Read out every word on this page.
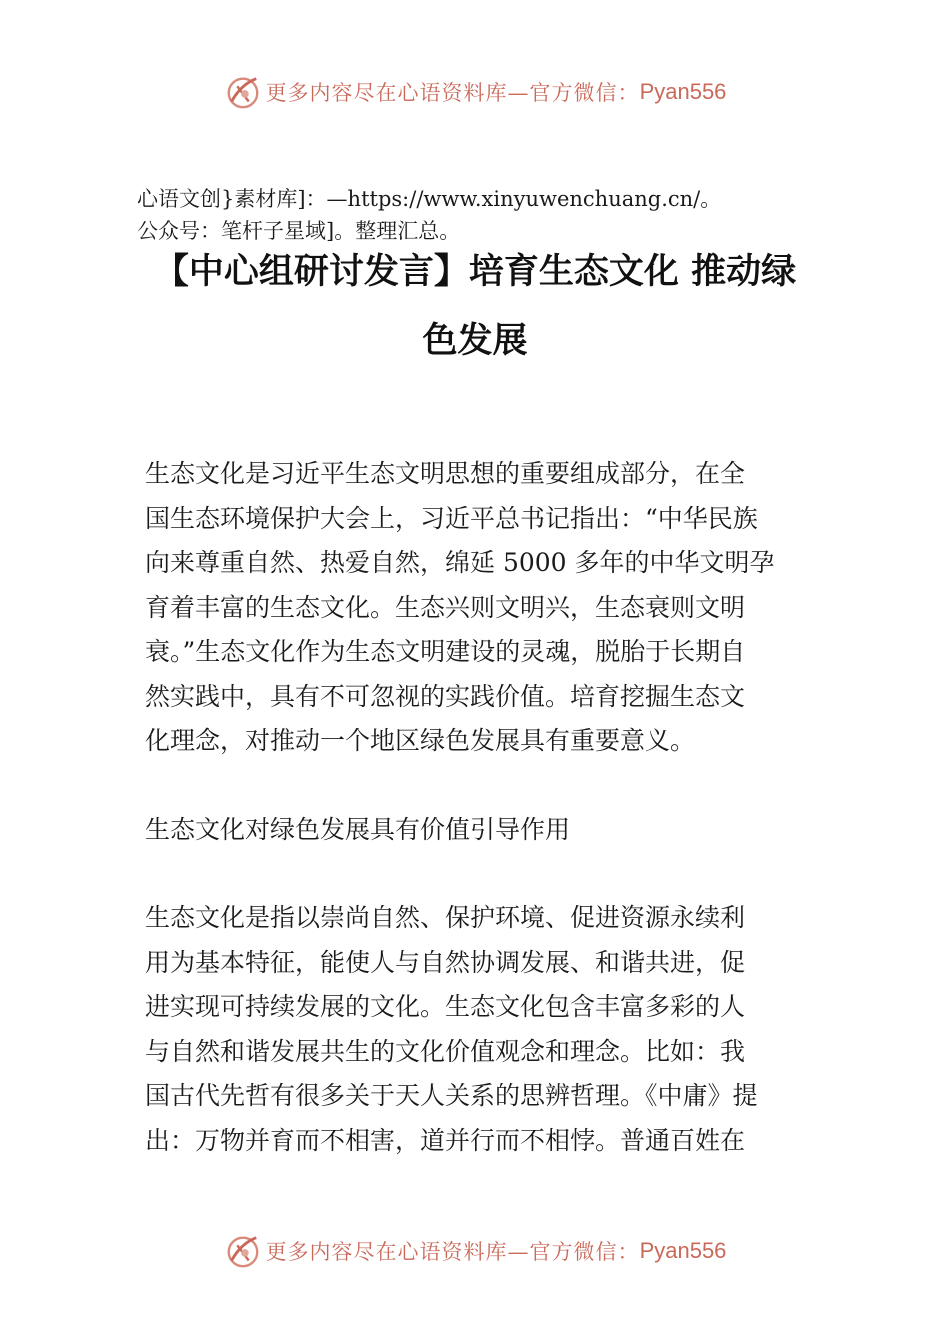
更多内容尽在心语资料库—官方微信： Pyan556
心语文创}素材库]：—https://www.xinyuwenchuang.cn/。
公众号：笔杆子星域]。整理汇总。
【中心组研讨发言】培育生态文化 推动绿
色发展
生态文化是习近平生态文明思想的重要组成部分，在全
国生态环境保护大会上，习近平总书记指出：“中华民族
向来尊重自然、热爱自然，绵延 5000 多年的中华文明孕
育着丰富的生态文化。生态兴则文明兴，生态衰则文明
衰。”生态文化作为生态文明建设的灵魂，脱胎于长期自
然实践中，具有不可忽视的实践价值。培育挖掘生态文
化理念，对推动一个地区绿色发展具有重要意义。
生态文化对绿色发展具有价值引导作用
生态文化是指以崇尚自然、保护环境、促进资源永续利
用为基本特征，能使人与自然协调发展、和谐共进，促
进实现可持续发展的文化。生态文化包含丰富多彩的人
与自然和谐发展共生的文化价值观念和理念。比如：我
国古代先哲有很多关于天人关系的思辨哲理。《中庸》提
出：万物并育而不相害，道并行而不相悖。普通百姓在
更多内容尽在心语资料库—官方微信： Pyan556
